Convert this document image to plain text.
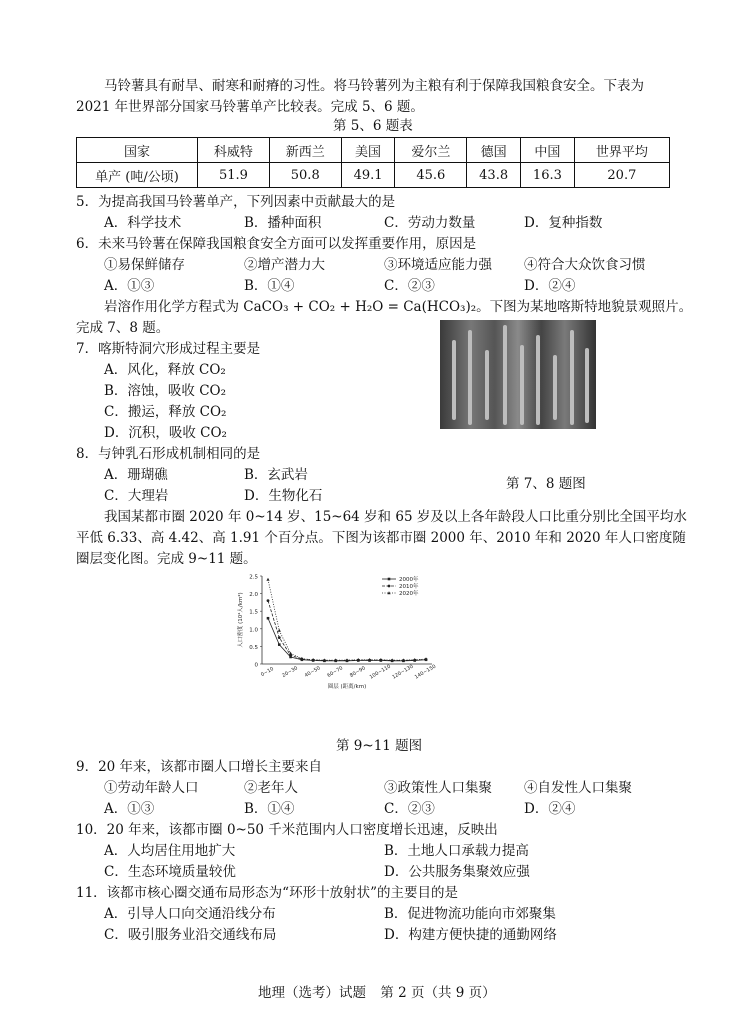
马铃薯具有耐旱、耐寒和耐瘠的习性。将马铃薯列为主粮有利于保障我国粮食安全。下表为
2021 年世界部分国家马铃薯单产比较表。完成 5、6 题。
第 5、6 题表
国家	科威特	新西兰	美国	爱尔兰	德国	中国	世界平均
单产 (吨/公顷)	51.9	50.8	49.1	45.6	43.8	16.3	20.7
5．为提高我国马铃薯单产，下列因素中贡献最大的是
A．科学技术	B．播种面积	C．劳动力数量	D．复种指数
6．未来马铃薯在保障我国粮食安全方面可以发挥重要作用，原因是
①易保鲜储存	②增产潜力大	③环境适应能力强 ④符合大众饮食习惯
A．①③	B．①④	C．②③	D．②④
岩溶作用化学方程式为 CaCO₃ + CO₂ + H₂O = Ca(HCO₃)₂。下图为某地喀斯特地貌景观照片。
完成 7、8 题。
7．喀斯特洞穴形成过程主要是
A．风化，释放 CO₂
B．溶蚀，吸收 CO₂
C．搬运，释放 CO₂
D．沉积，吸收 CO₂
8．与钟乳石形成机制相同的是
A．珊瑚礁	B．玄武岩
C．大理岩	D．生物化石
第 7、8 题图
我国某都市圈 2020 年 0~14 岁、15~64 岁和 65 岁及以上各年龄段人口比重分别比全国平均水
平低 6.33、高 4.42、高 1.91 个百分点。下图为该都市圈 2000 年、2010 年和 2020 年人口密度随
圈层变化图。完成 9~11 题。
0
0.5
1.0
1.5
2.0
2.5
0~10 20~30 40~50 60~70 80~90 100~110 120~130 140~150
圈层 (距离/km)
人口密度 (10⁴人/km²)
2000年
2010年
2020年
第 9~11 题图
9．20 年来，该都市圈人口增长主要来自
①劳动年龄人口	②老年人	③政策性人口集聚 ④自发性人口集聚
A．①③	B．①④	C．②③	D．②④
10．20 年来，该都市圈 0~50 千米范围内人口密度增长迅速，反映出
A．人均居住用地扩大	B．土地人口承载力提高
C．生态环境质量较优	D．公共服务集聚效应强
11．该都市核心圈交通布局形态为“环形十放射状”的主要目的是
A．引导人口向交通沿线分布	B．促进物流功能向市郊聚集
C．吸引服务业沿交通线布局	D．构建方便快捷的通勤网络
地理（选考）试题 第 2 页（共 9 页）
